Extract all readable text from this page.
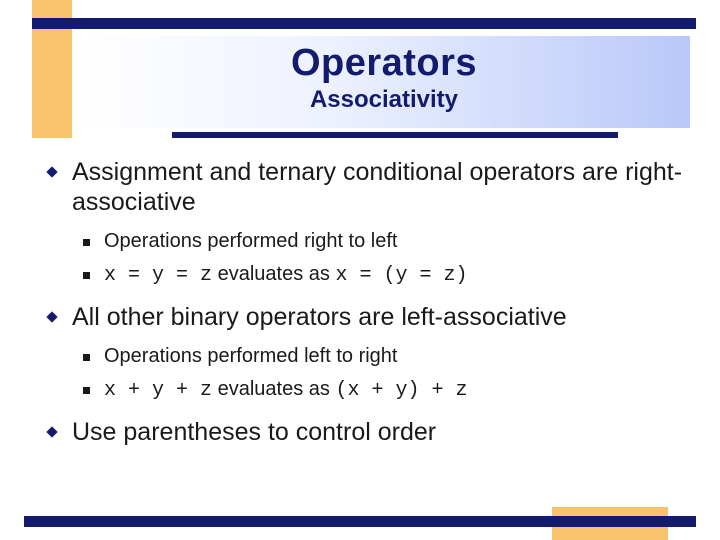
Operators
Associativity
Assignment and ternary conditional operators are right-associative
Operations performed right to left
x = y = z evaluates as x = (y = z)
All other binary operators are left-associative
Operations performed left to right
x + y + z evaluates as (x + y) + z
Use parentheses to control order
